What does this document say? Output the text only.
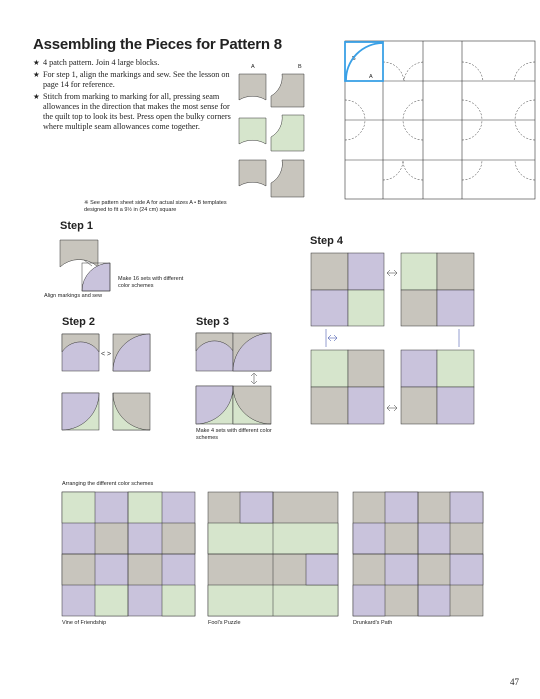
Assembling the Pieces for Pattern 8
★ 4 patch pattern. Join 4 large blocks.
★ For step 1, align the markings and sew. See the lesson on page 14 for reference.
★ Stitch from marking to marking for all, pressing seam allowances in the direction that makes the most sense for the quilt top to look its best. Press open the bulky corners where multiple seam allowances come together.
※ See pattern sheet side A for actual sizes A • B templates designed to fit a 9½ in (24 cm) square
A	B
B
A
Step 1
Make 16 sets with different color schemes
Align markings and sew
Step 2	Step 3
Make 4 sets with different color schemes
Step 4
Arranging the different color schemes
Vine of Friendship	Fool's Puzzle	Drunkard's Path
47
< >
